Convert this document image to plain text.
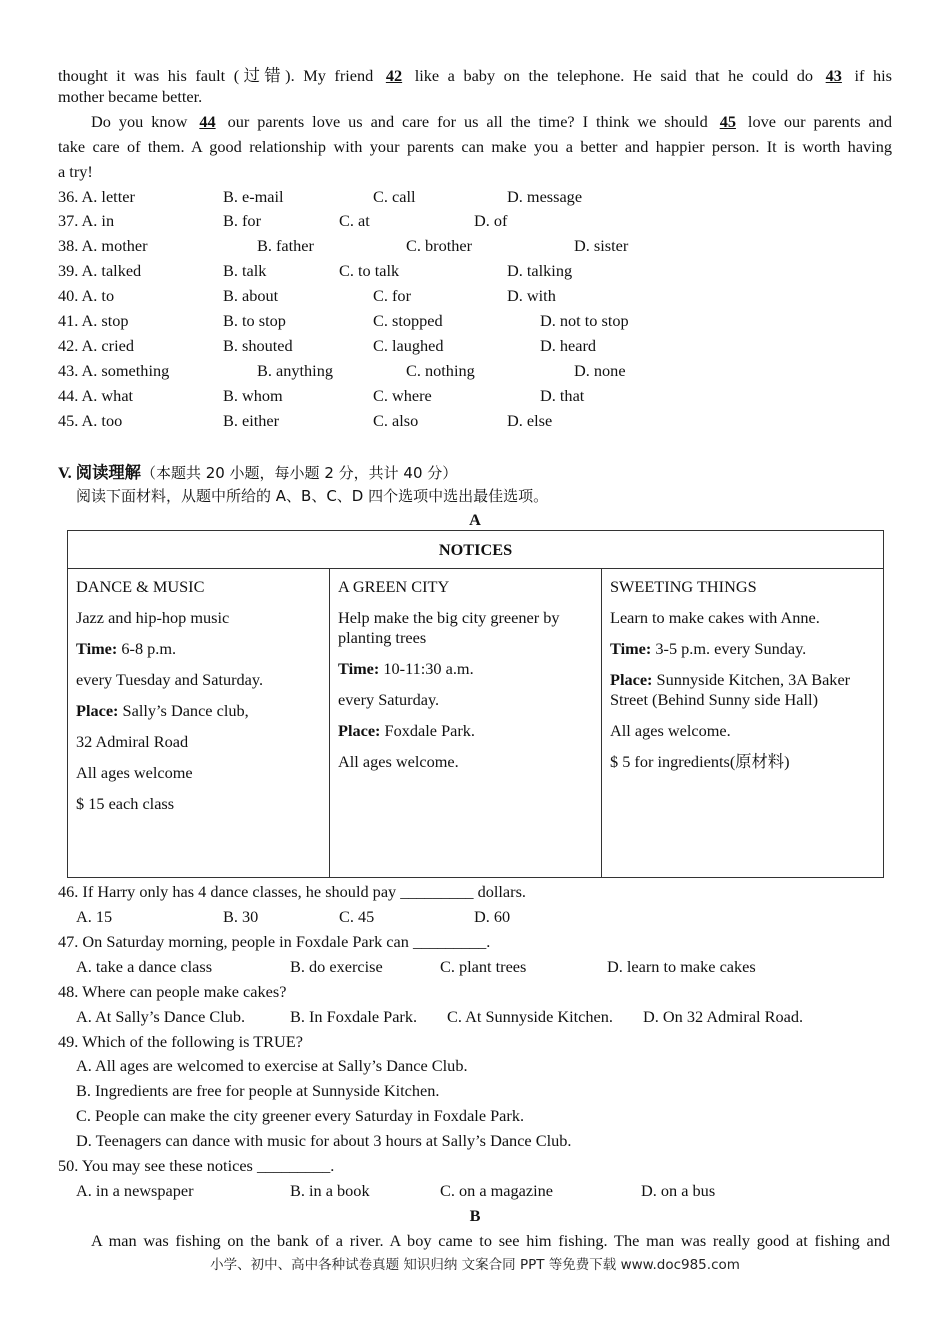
thought it was his fault (过错). My friend 42 like a baby on the telephone. He said that he could do 43 if his
mother became better.
Do you know 44 our parents love us and care for us all the time? I think we should 45 love our parents and
take care of them. A good relationship with your parents can make you a better and happier person. It is worth having
a try!
36. A. letter	B. e-mail	C. call	D. message
37. A. in	B. for	C. at	D. of
38. A. mother	B. father	C. brother	D. sister
39. A. talked	B. talk	C. to talk	D. talking
40. A. to	B. about	C. for	D. with
41. A. stop	B. to stop	C. stopped	D. not to stop
42. A. cried	B. shouted	C. laughed	D. heard
43. A. something	B. anything	C. nothing	D. none
44. A. what	B. whom	C. where	D. that
45. A. too	B. either	C. also	D. else
V. 阅读理解（本题共 20 小题，每小题 2 分，共计 40 分）
阅读下面材料，从题中所给的 A、B、C、D 四个选项中选出最佳选项。
A
NOTICES

DANCE & MUSIC

Jazz and hip-hop music

Time: 6-8 p.m.

every Tuesday and Saturday.

Place: Sally’s Dance club,

32 Admiral Road

All ages welcome

$ 15 each class

A GREEN CITY

Help make the big city greener by planting trees

Time: 10-11:30 a.m.

every Saturday.

Place: Foxdale Park.

All ages welcome.

SWEETING THINGS

Learn to make cakes with Anne.

Time: 3-5 p.m. every Sunday.

Place: Sunnyside Kitchen, 3A Baker Street (Behind Sunny side Hall)

All ages welcome.

$ 5 for ingredients(原材料)

46. If Harry only has 4 dance classes, he should pay _________ dollars.
A. 15	B. 30	C. 45	D. 60
47. On Saturday morning, people in Foxdale Park can _________.
A. take a dance class	B. do exercise	C. plant trees	D. learn to make cakes
48. Where can people make cakes?
A. At Sally’s Dance Club.	B. In Foxdale Park. C. At Sunnyside Kitchen. D. On 32 Admiral Road.
49. Which of the following is TRUE?
A. All ages are welcomed to exercise at Sally’s Dance Club.
B. Ingredients are free for people at Sunnyside Kitchen.
C. People can make the city greener every Saturday in Foxdale Park.
D. Teenagers can dance with music for about 3 hours at Sally’s Dance Club.
50. You may see these notices _________.
A. in a newspaper	B. in a book	C. on a magazine	D. on a bus
B
A man was fishing on the bank of a river. A boy came to see him fishing. The man was really good at fishing and
小学、初中、高中各种试卷真题 知识归纳 文案合同 PPT 等免费下载 www.doc985.com
